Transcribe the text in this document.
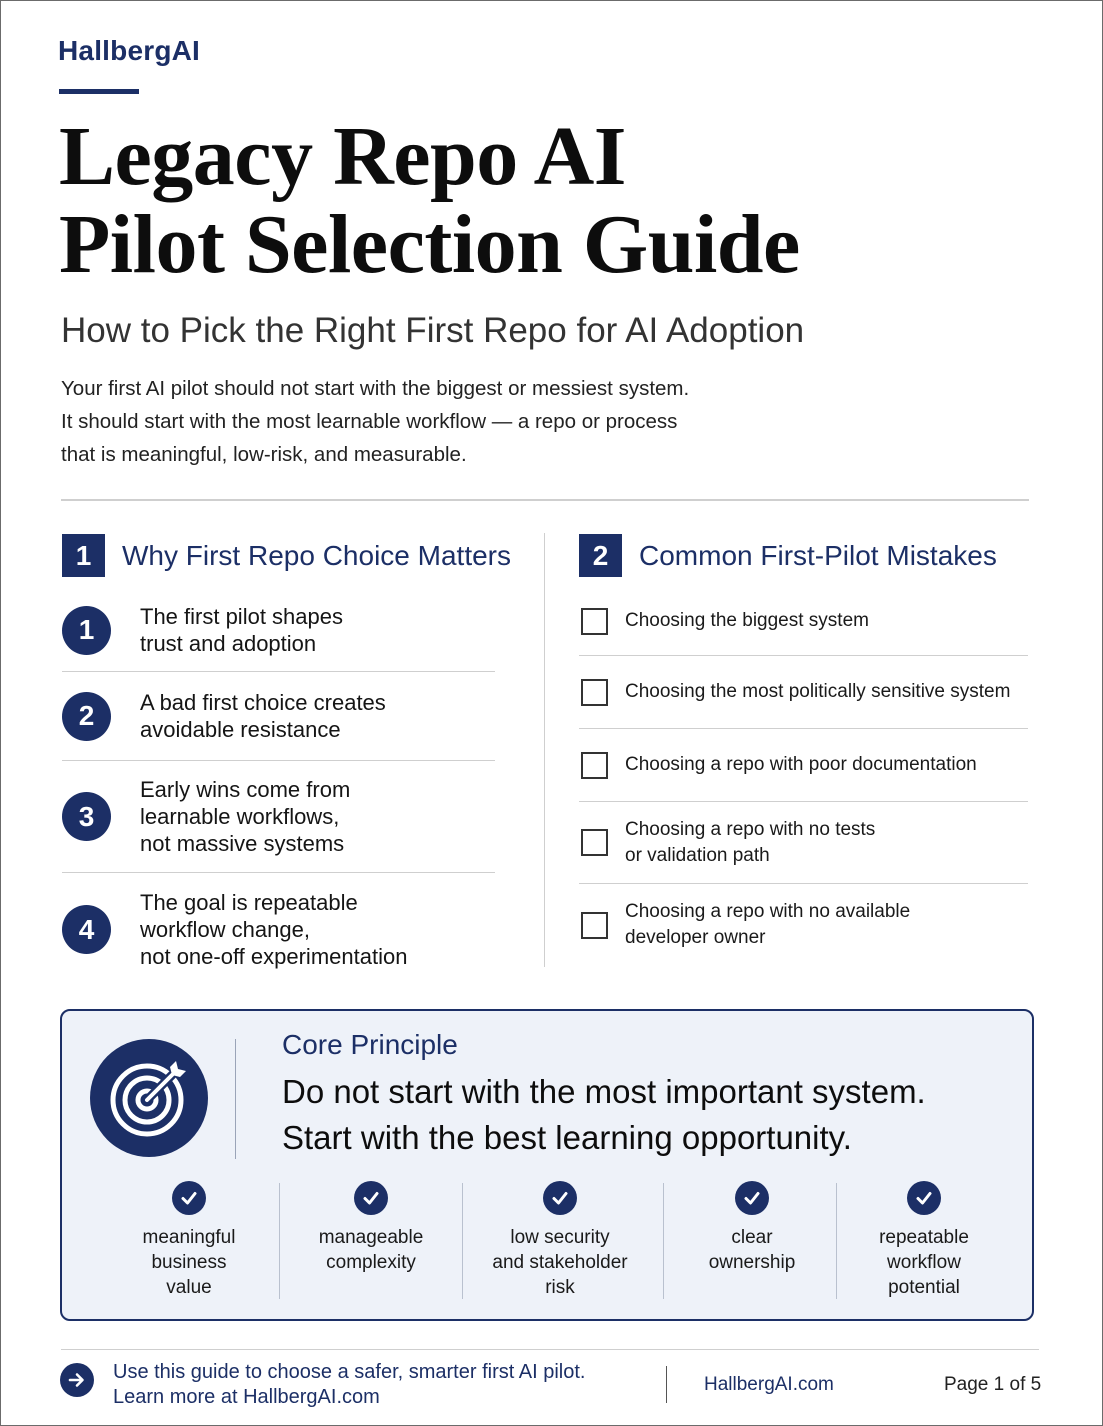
HallbergAI
Legacy Repo AI
Pilot Selection Guide
How to Pick the Right First Repo for AI Adoption
Your first AI pilot should not start with the biggest or messiest system.
It should start with the most learnable workflow — a repo or process
that is meaningful, low-risk, and measurable.
1	Why First Repo Choice Matters
1	The first pilot shapes
trust and adoption
2	A bad first choice creates
avoidable resistance
3
Early wins come from
learnable workflows,
not massive systems
4
The goal is repeatable
workflow change,
not one-off experimentation
2	Common First-Pilot Mistakes
Choosing the biggest system
Choosing the most politically sensitive system
Choosing a repo with poor documentation
Choosing a repo with no tests
or validation path
Choosing a repo with no available
developer owner
Core Principle
Do not start with the most important system.
Start with the best learning opportunity.
meaningful
business
value
manageable
complexity
low security
and stakeholder
risk
clear
ownership
repeatable
workflow
potential
Use this guide to choose a safer, smarter first AI pilot.
Learn more at HallbergAI.com
HallbergAI.com	Page 1 of 5
